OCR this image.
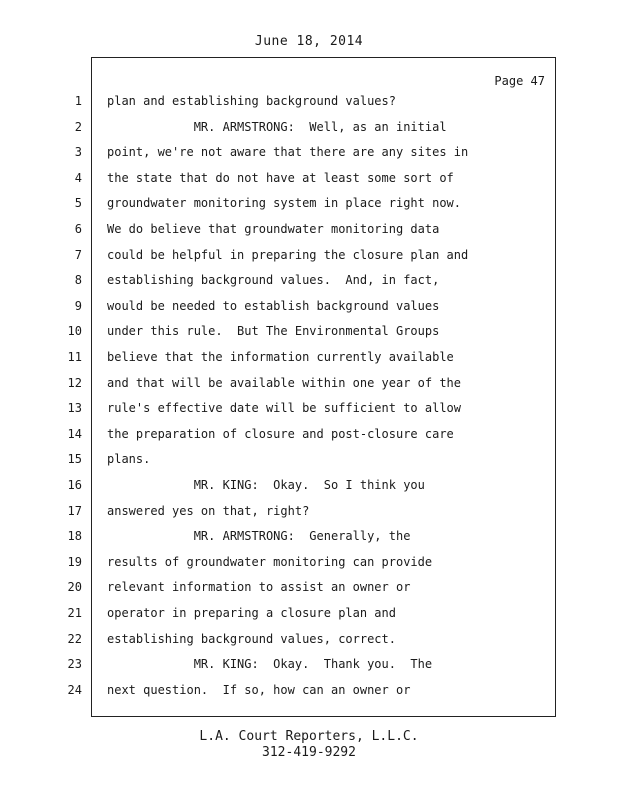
June 18, 2014
Page 47
1 plan and establishing background values?
2 MR. ARMSTRONG:  Well, as an initial
3 point, we're not aware that there are any sites in
4 the state that do not have at least some sort of
5 groundwater monitoring system in place right now.
6 We do believe that groundwater monitoring data
7 could be helpful in preparing the closure plan and
8 establishing background values.  And, in fact,
9 would be needed to establish background values
10 under this rule.  But The Environmental Groups
11 believe that the information currently available
12 and that will be available within one year of the
13 rule's effective date will be sufficient to allow
14 the preparation of closure and post-closure care
15 plans.
16 MR. KING:  Okay.  So I think you
17 answered yes on that, right?
18 MR. ARMSTRONG:  Generally, the
19 results of groundwater monitoring can provide
20 relevant information to assist an owner or
21 operator in preparing a closure plan and
22 establishing background values, correct.
23 MR. KING:  Okay.  Thank you.  The
24 next question.  If so, how can an owner or
L.A. Court Reporters, L.L.C.
312-419-9292
